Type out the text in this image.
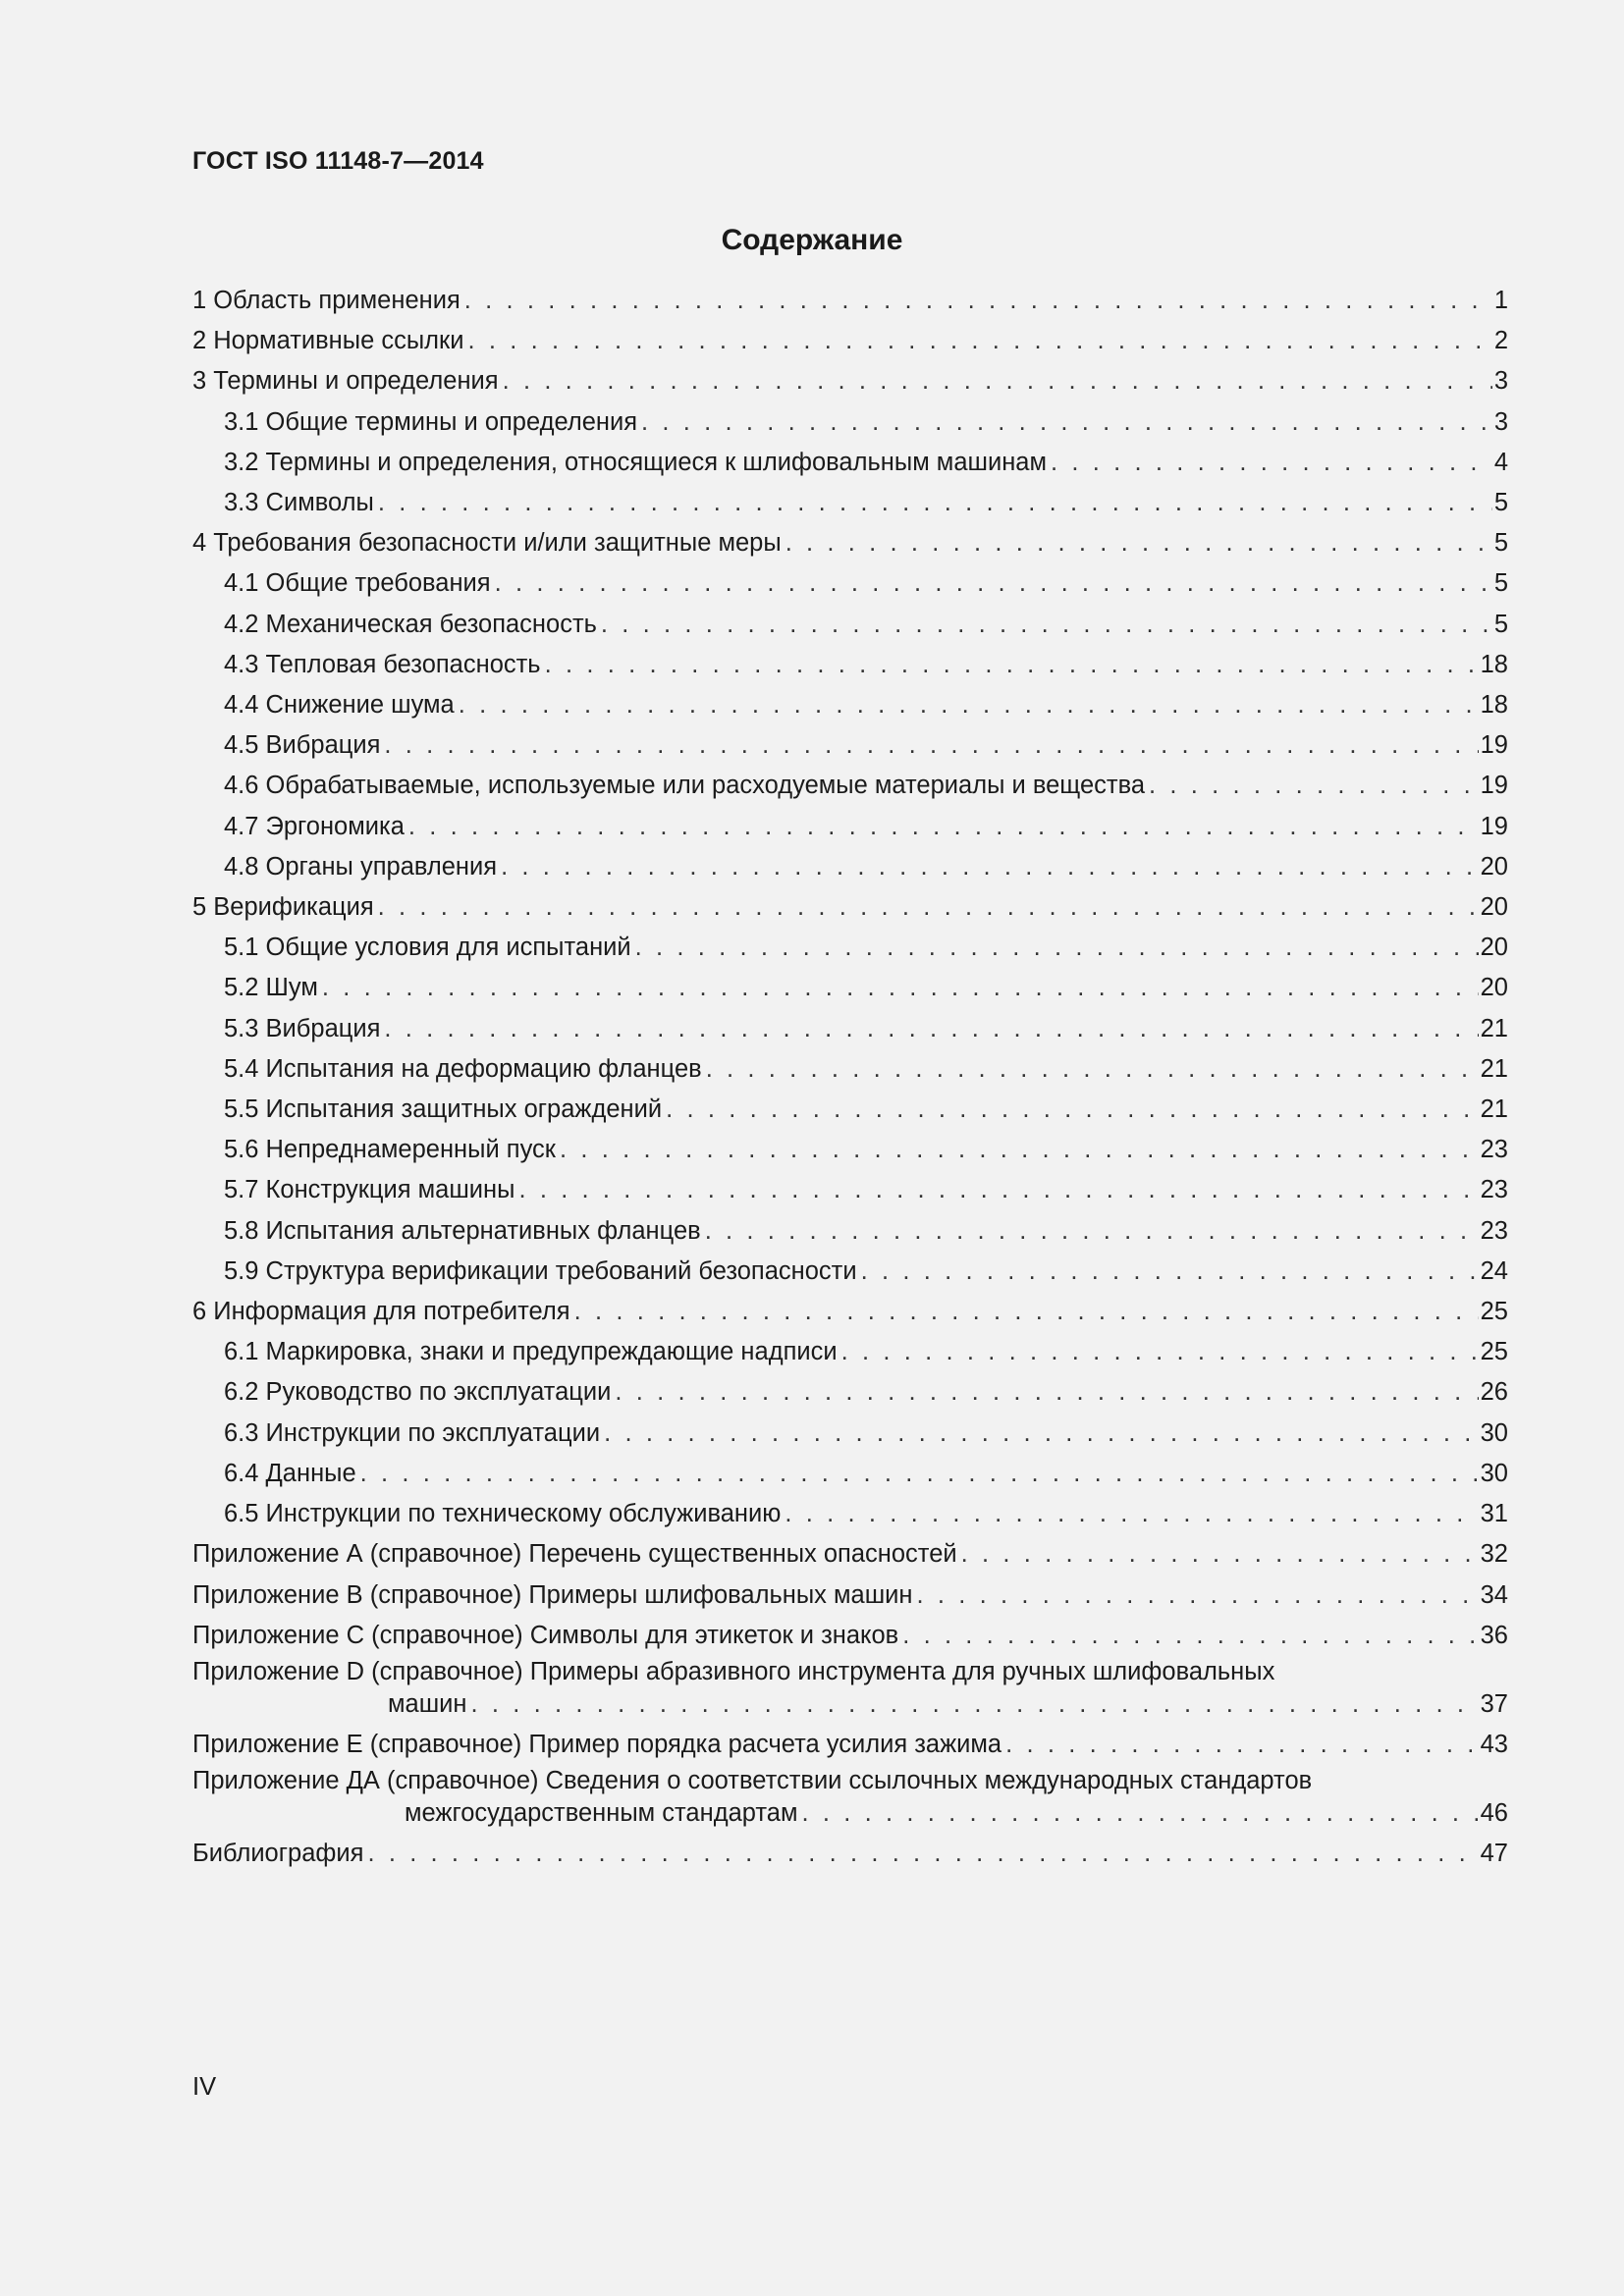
ГОСТ ISO 11148-7—2014
Содержание
1 Область применения . . .	1
2 Нормативные ссылки . . .	2
3 Термины и определения . . .	3
3.1 Общие термины и определения . . .	3
3.2 Термины и определения, относящиеся к шлифовальным машинам . . .	4
3.3 Символы . . .	5
4 Требования безопасности и/или защитные меры . . .	5
4.1 Общие требования . . .	5
4.2 Механическая безопасность . . .	5
4.3 Тепловая безопасность . . .	18
4.4 Снижение шума . . .	18
4.5 Вибрация . . .	19
4.6 Обрабатываемые, используемые или расходуемые материалы и вещества . . .	19
4.7 Эргономика . . .	19
4.8 Органы управления . . .	20
5 Верификация . . .	20
5.1 Общие условия для испытаний . . .	20
5.2 Шум . . .	20
5.3 Вибрация . . .	21
5.4 Испытания на деформацию фланцев . . .	21
5.5 Испытания защитных ограждений . . .	21
5.6 Непреднамеренный пуск . . .	23
5.7 Конструкция машины . . .	23
5.8 Испытания альтернативных фланцев . . .	23
5.9 Структура верификации требований безопасности . . .	24
6 Информация для потребителя . . .	25
6.1 Маркировка, знаки и предупреждающие надписи . . .	25
6.2 Руководство по эксплуатации . . .	26
6.3 Инструкции по эксплуатации . . .	30
6.4 Данные . . .	30
6.5 Инструкции по техническому обслуживанию . . .	31
Приложение А (справочное) Перечень существенных опасностей . . .	32
Приложение В (справочное) Примеры шлифовальных машин . . .	34
Приложение С (справочное) Символы для этикеток и знаков . . .	36
Приложение D (справочное) Примеры абразивного инструмента для ручных шлифовальных
машин . . .	37
Приложение Е (справочное) Пример порядка расчета усилия зажима . . .	43
Приложение ДА (справочное) Сведения о соответствии ссылочных международных стандартов
межгосударственным стандартам . . .	46
Библиография . . .	47
IV
